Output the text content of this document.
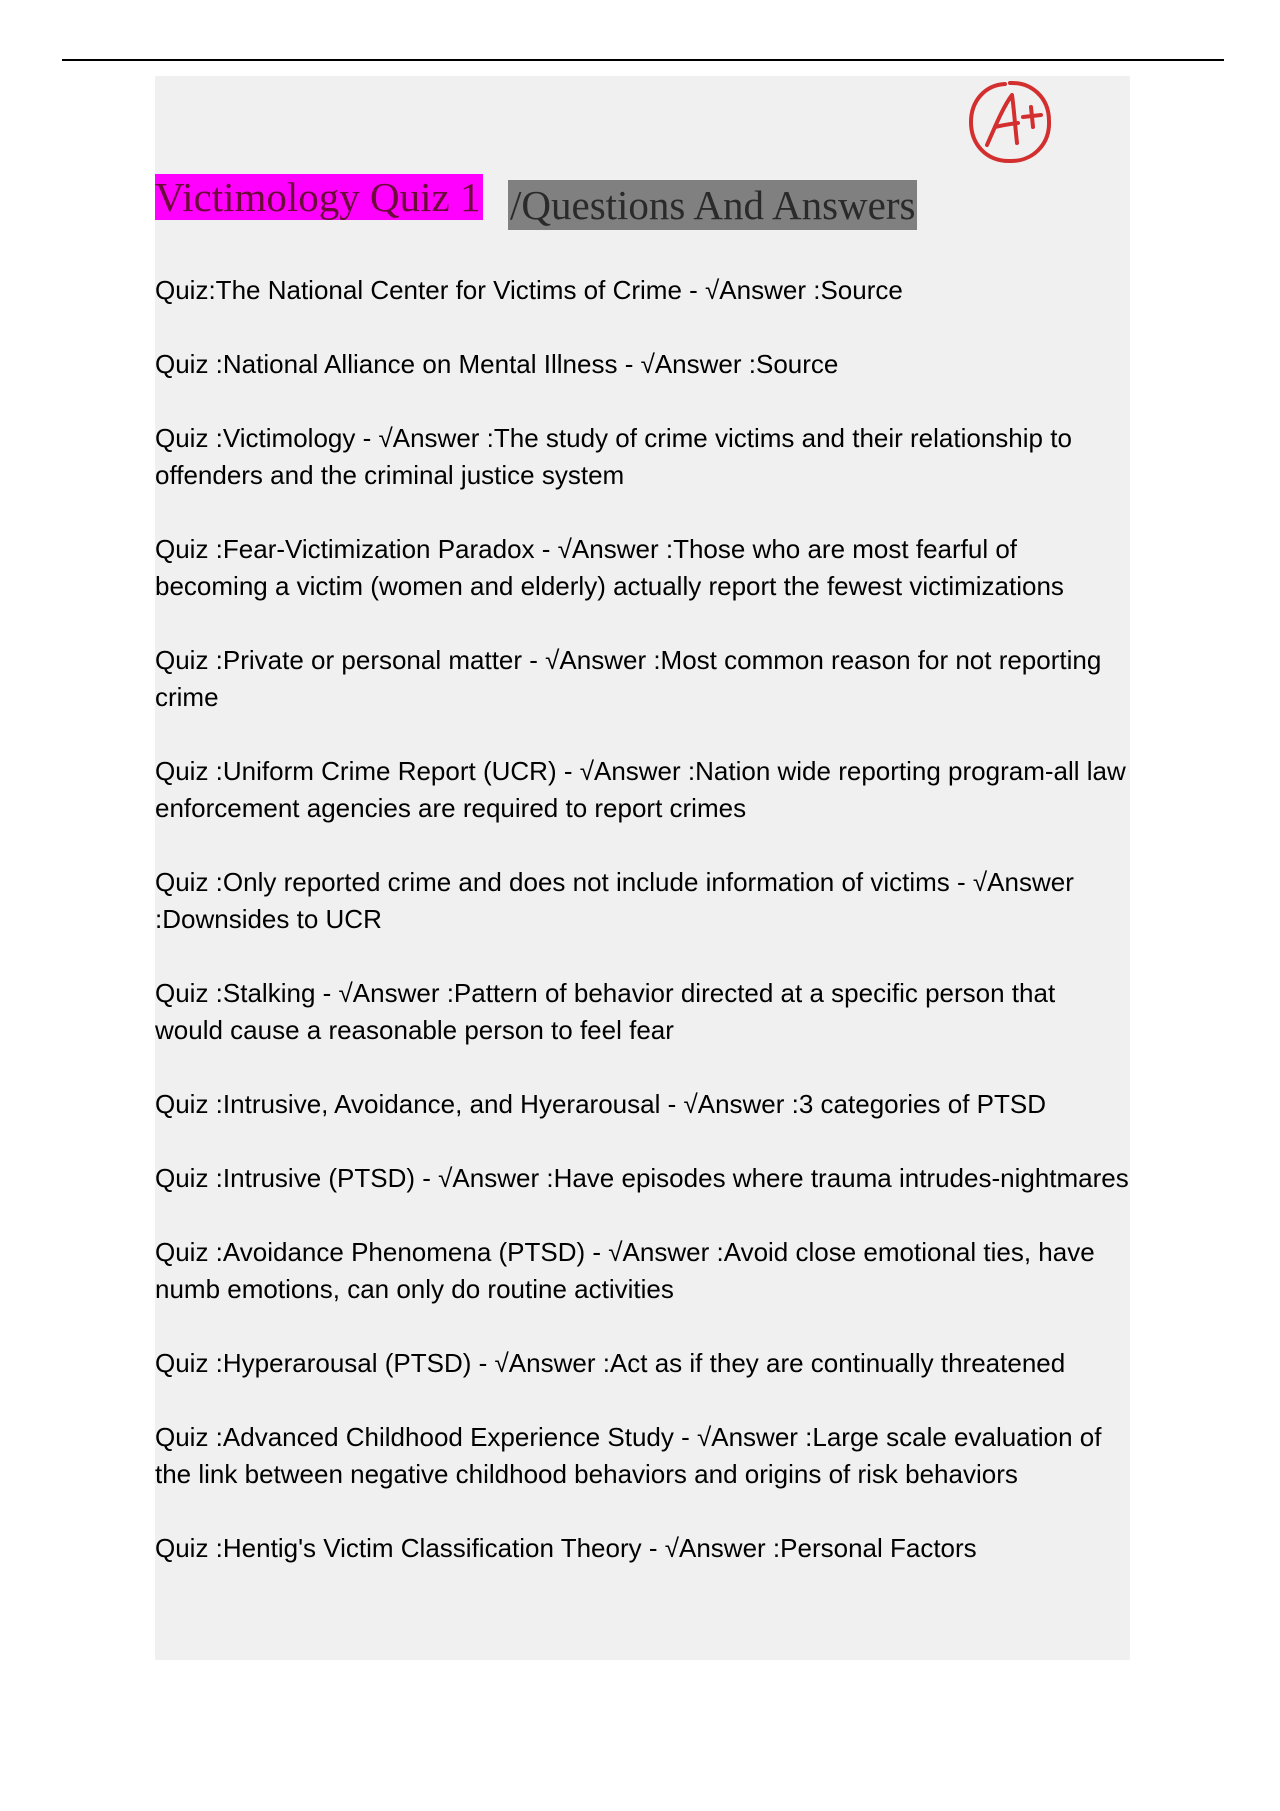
Victimology Quiz 1 /Questions And Answers
Quiz:The National Center for Victims of Crime - √Answer :Source
Quiz :National Alliance on Mental Illness - √Answer :Source
Quiz :Victimology - √Answer :The study of crime victims and their relationship to offenders and the criminal justice system
Quiz :Fear-Victimization Paradox - √Answer :Those who are most fearful of becoming a victim (women and elderly) actually report the fewest victimizations
Quiz :Private or personal matter - √Answer :Most common reason for not reporting crime
Quiz :Uniform Crime Report (UCR) - √Answer :Nation wide reporting program-all law enforcement agencies are required to report crimes
Quiz :Only reported crime and does not include information of victims - √Answer :Downsides to UCR
Quiz :Stalking - √Answer :Pattern of behavior directed at a specific person that would cause a reasonable person to feel fear
Quiz :Intrusive, Avoidance, and Hyerarousal - √Answer :3 categories of PTSD
Quiz :Intrusive (PTSD) - √Answer :Have episodes where trauma intrudes-nightmares
Quiz :Avoidance Phenomena (PTSD) - √Answer :Avoid close emotional ties, have numb emotions, can only do routine activities
Quiz :Hyperarousal (PTSD) - √Answer :Act as if they are continually threatened
Quiz :Advanced Childhood Experience Study - √Answer :Large scale evaluation of the link between negative childhood behaviors and origins of risk behaviors
Quiz :Hentig's Victim Classification Theory - √Answer :Personal Factors
